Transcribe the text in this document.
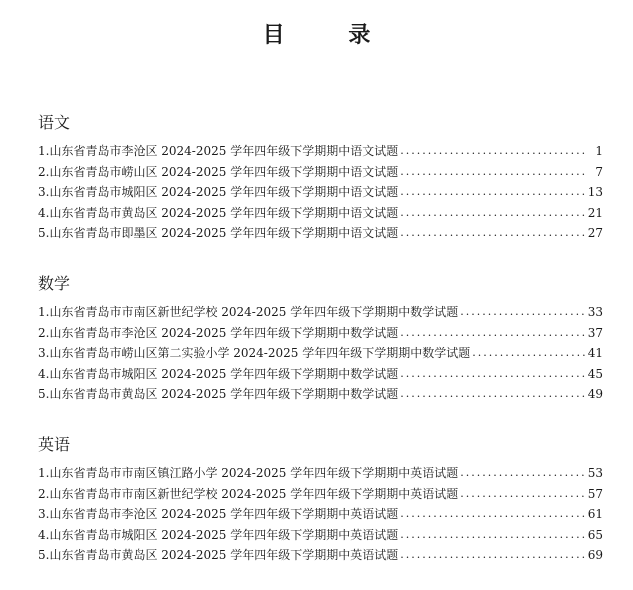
目 录
语文
1. 山东省青岛市李沧区 2024-2025 学年四年级下学期期中语文试题 .....	1
2. 山东省青岛市崂山区 2024-2025 学年四年级下学期期中语文试题 .....	7
3. 山东省青岛市城阳区 2024-2025 学年四年级下学期期中语文试题 .....	13
4. 山东省青岛市黄岛区 2024-2025 学年四年级下学期期中语文试题 .....	21
5. 山东省青岛市即墨区 2024-2025 学年四年级下学期期中语文试题 .....	27
数学
1. 山东省青岛市市南区新世纪学校 2024-2025 学年四年级下学期期中数学试题 .....	33
2. 山东省青岛市李沧区 2024-2025 学年四年级下学期期中数学试题 .....	37
3. 山东省青岛市崂山区第二实验小学 2024-2025 学年四年级下学期期中数学试题 .....	41
4. 山东省青岛市城阳区 2024-2025 学年四年级下学期期中数学试题 .....	45
5. 山东省青岛市黄岛区 2024-2025 学年四年级下学期期中数学试题 .....	49
英语
1. 山东省青岛市市南区镇江路小学 2024-2025 学年四年级下学期期中英语试题 .....	53
2. 山东省青岛市市南区新世纪学校 2024-2025 学年四年级下学期期中英语试题 .....	57
3. 山东省青岛市李沧区 2024-2025 学年四年级下学期期中英语试题 .....	61
4. 山东省青岛市城阳区 2024-2025 学年四年级下学期期中英语试题 .....	65
5. 山东省青岛市黄岛区 2024-2025 学年四年级下学期期中英语试题 .....	69
